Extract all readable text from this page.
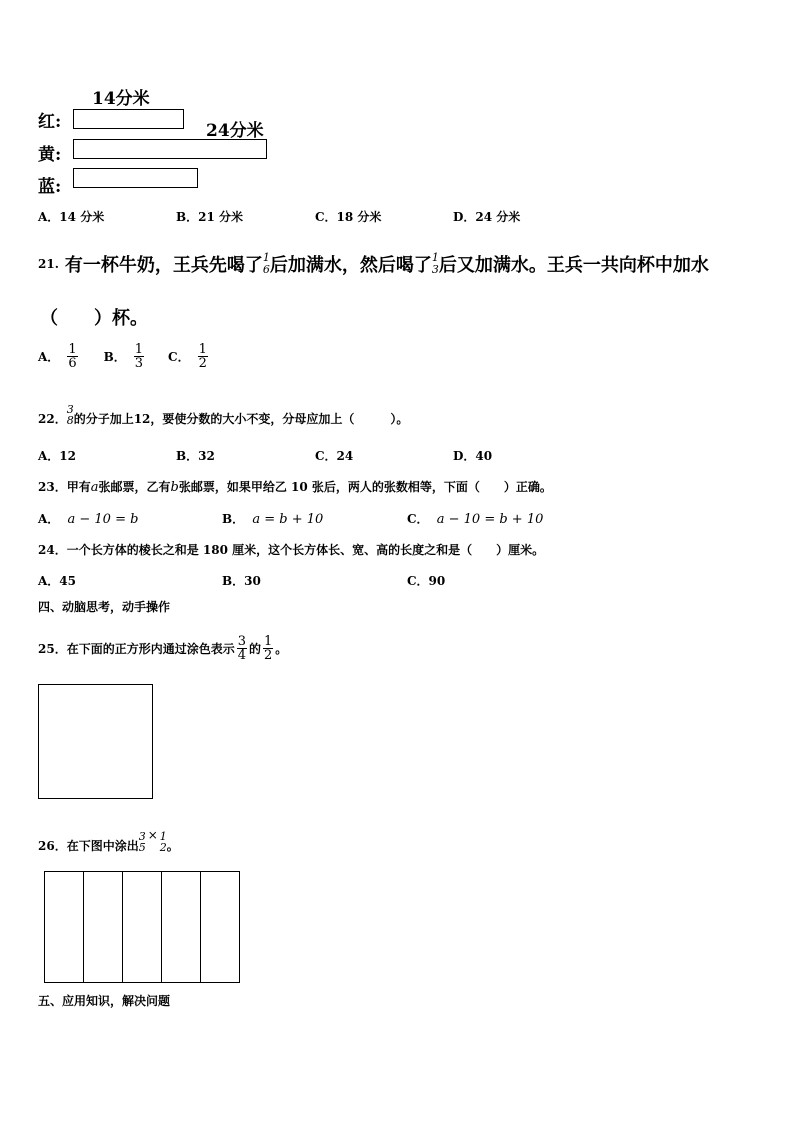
14分米
24分米
红:
黄:
蓝:
A．14 分米	B．21 分米	C．18 分米	D．24 分米
21. 有一杯牛奶，王兵先喝了 1
6 后加满水，然后喝了 1
3 后又加满水。王兵一共向杯中加水
（　　）杯。
A． $\frac{1}{6}$ B． $\frac{1}{3}$ C． $\frac{1}{2}$
22．
3
8 的分子加上12，要使分数的大小不变，分母应加上（　　　）。
A．12	B．32	C．24	D．40
23．甲有a张邮票，乙有b张邮票，如果甲给乙 10 张后，两人的张数相等，下面（　　）正确。
A． a − 10 = b	B． a = b + 10	C． a − 10 = b + 10
24．一个长方体的棱长之和是 180 厘米，这个长方体长、宽、高的长度之和是（　　）厘米。
A．45	B．30	C．90
四、动脑思考，动手操作
25．在下面的正方形内通过涂色表示 $\frac{3}{4}$ 的 $\frac{1}{2}$ 。
26．在下图中涂出
3
5
× 1
2 。
五、应用知识，解决问题
